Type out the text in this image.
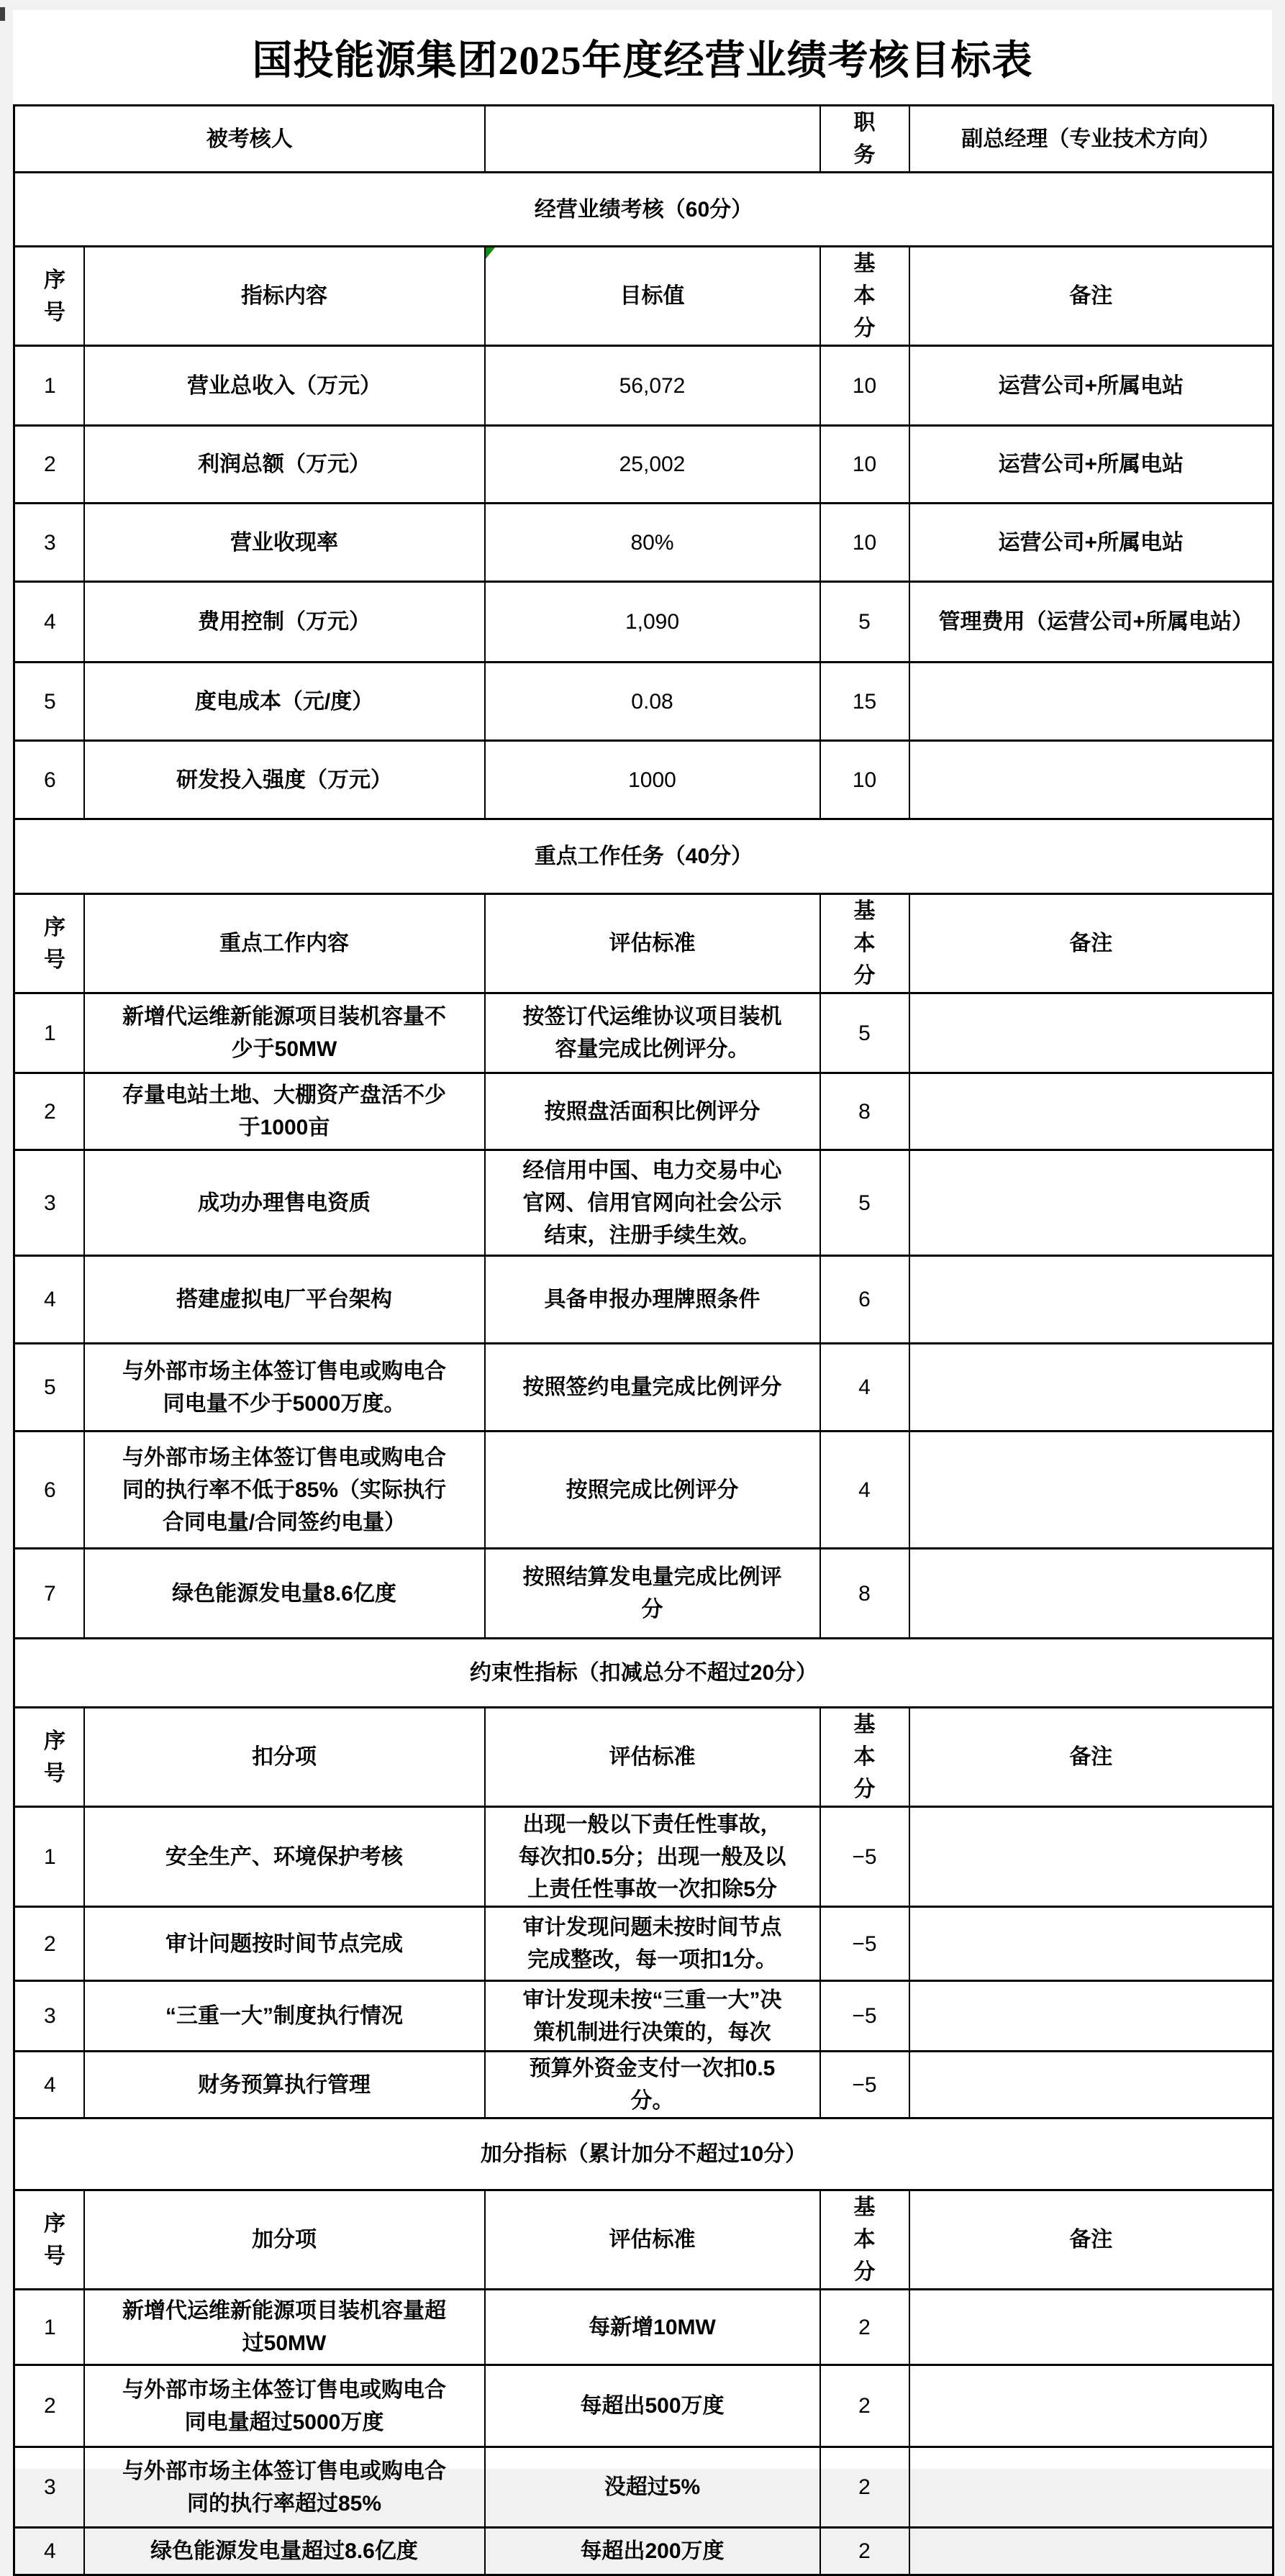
国投能源集团2025年度经营业绩考核目标表
被考核人			职务	副总经理（专业技术方向）
经营业绩考核（60分）				
序号	指标内容	目标值	基本分	备注
1	营业总收入（万元）	56,072	10	运营公司+所属电站
2	利润总额（万元）	25,002	10	运营公司+所属电站
3	营业收现率	80%	10	运营公司+所属电站
4	费用控制（万元）	1,090	5	管理费用（运营公司+所属电站）
5	度电成本（元/度）	0.08	15	
6	研发投入强度（万元）	1000	10	
重点工作任务（40分）				
序号	重点工作内容	评估标准	基本分	备注
1	新增代运维新能源项目装机容量不少于50MW	按签订代运维协议项目装机容量完成比例评分。	5	
2	存量电站土地、大棚资产盘活不少于1000亩	按照盘活面积比例评分	8	
3	成功办理售电资质	经信用中国、电力交易中心官网、信用官网向社会公示结束，注册手续生效。	5	
4	搭建虚拟电厂平台架构	具备申报办理牌照条件	6	
5	与外部市场主体签订售电或购电合同电量不少于5000万度。	按照签约电量完成比例评分	4	
6	与外部市场主体签订售电或购电合同的执行率不低于85%（实际执行合同电量/合同签约电量）	按照完成比例评分	4	
7	绿色能源发电量8.6亿度	按照结算发电量完成比例评分	8	
约束性指标（扣减总分不超过20分）				
序号	扣分项	评估标准	基本分	备注
1	安全生产、环境保护考核	出现一般以下责任性事故，每次扣0.5分；出现一般及以上责任性事故一次扣除5分	−5	
2	审计问题按时间节点完成	审计发现问题未按时间节点完成整改，每一项扣1分。	−5	
3	“三重一大”制度执行情况	审计发现未按“三重一大”决策机制进行决策的，每次	−5	
4	财务预算执行管理	预算外资金支付一次扣0.5分。	−5	
加分指标（累计加分不超过10分）				
序号	加分项	评估标准	基本分	备注
1	新增代运维新能源项目装机容量超过50MW	每新增10MW	2	
2	与外部市场主体签订售电或购电合同电量超过5000万度	每超出500万度	2	
3	与外部市场主体签订售电或购电合同的执行率超过85%	没超过5%	2	
4	绿色能源发电量超过8.6亿度	每超出200万度	2	
